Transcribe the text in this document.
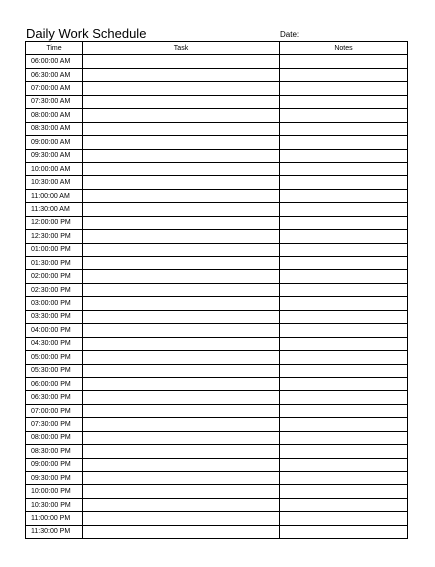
Daily Work Schedule	Date:
Time	Task	Notes
06:00:00 AM		
06:30:00 AM		
07:00:00 AM		
07:30:00 AM		
08:00:00 AM		
08:30:00 AM		
09:00:00 AM		
09:30:00 AM		
10:00:00 AM		
10:30:00 AM		
11:00:00 AM		
11:30:00 AM		
12:00:00 PM		
12:30:00 PM		
01:00:00 PM		
01:30:00 PM		
02:00:00 PM		
02:30:00 PM		
03:00:00 PM		
03:30:00 PM		
04:00:00 PM		
04:30:00 PM		
05:00:00 PM		
05:30:00 PM		
06:00:00 PM		
06:30:00 PM		
07:00:00 PM		
07:30:00 PM		
08:00:00 PM		
08:30:00 PM		
09:00:00 PM		
09:30:00 PM		
10:00:00 PM		
10:30:00 PM		
11:00:00 PM		
11:30:00 PM		
